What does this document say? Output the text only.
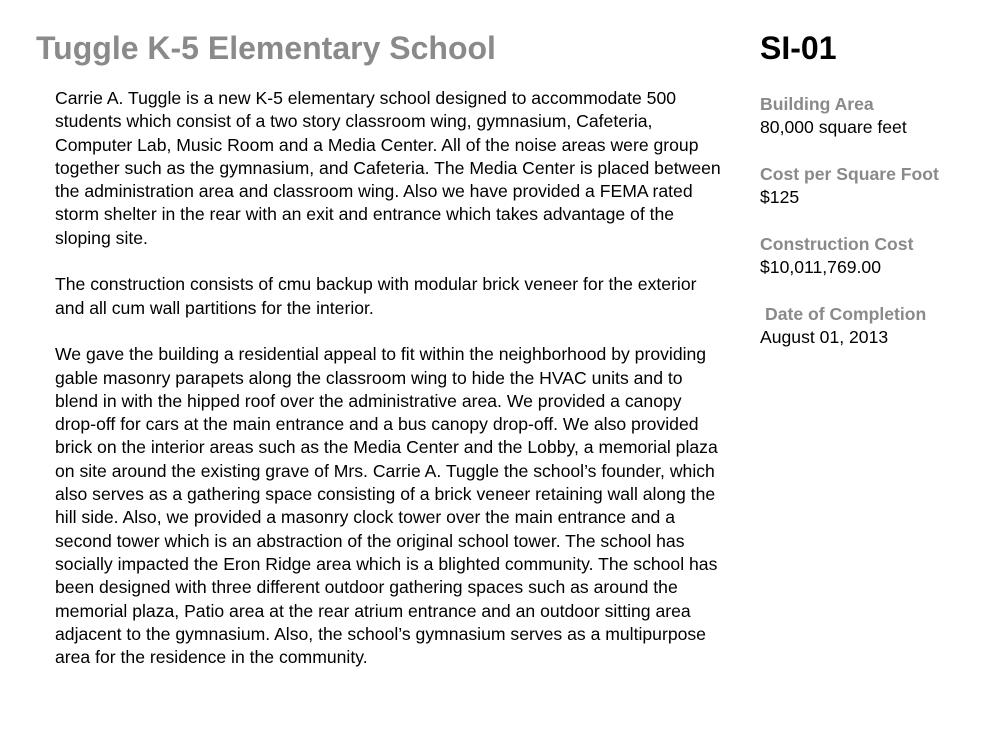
Tuggle K-5 Elementary School	SI-01

Carrie A. Tuggle is a new K-5 elementary school designed to accommodate 500 students which consist of a two story classroom wing, gymnasium, Cafeteria, Computer Lab, Music Room and a Media Center. All of the noise areas were group together such as the gymnasium, and Cafeteria. The Media Center is placed between the administration area and classroom wing. Also we have provided a FEMA rated storm shelter in the rear with an exit and entrance which takes advantage of the sloping site.

The construction consists of cmu backup with modular brick veneer for the exterior and all cum wall partitions for the interior.

We gave the building a residential appeal to fit within the neighborhood by providing gable masonry parapets along the classroom wing to hide the HVAC units and to blend in with the hipped roof over the administrative area. We provided a canopy drop-off for cars at the main entrance and a bus canopy drop-off. We also provided brick on the interior areas such as the Media Center and the Lobby, a memorial plaza on site around the existing grave of Mrs. Carrie A. Tuggle the school’s founder, which also serves as a gathering space consisting of a brick veneer retaining wall along the hill side. Also, we provided a masonry clock tower over the main entrance and a second tower which is an abstraction of the original school tower. The school has socially impacted the Eron Ridge area which is a blighted community. The school has been designed with three different outdoor gathering spaces such as around the memorial plaza, Patio area at the rear atrium entrance and an outdoor sitting area adjacent to the gymnasium. Also, the school’s gymnasium serves as a multipurpose area for the residence in the community.

Building Area
80,000 square feet
Cost per Square Foot
$125
Construction Cost
$10,011,769.00
Date of Completion
August 01, 2013
